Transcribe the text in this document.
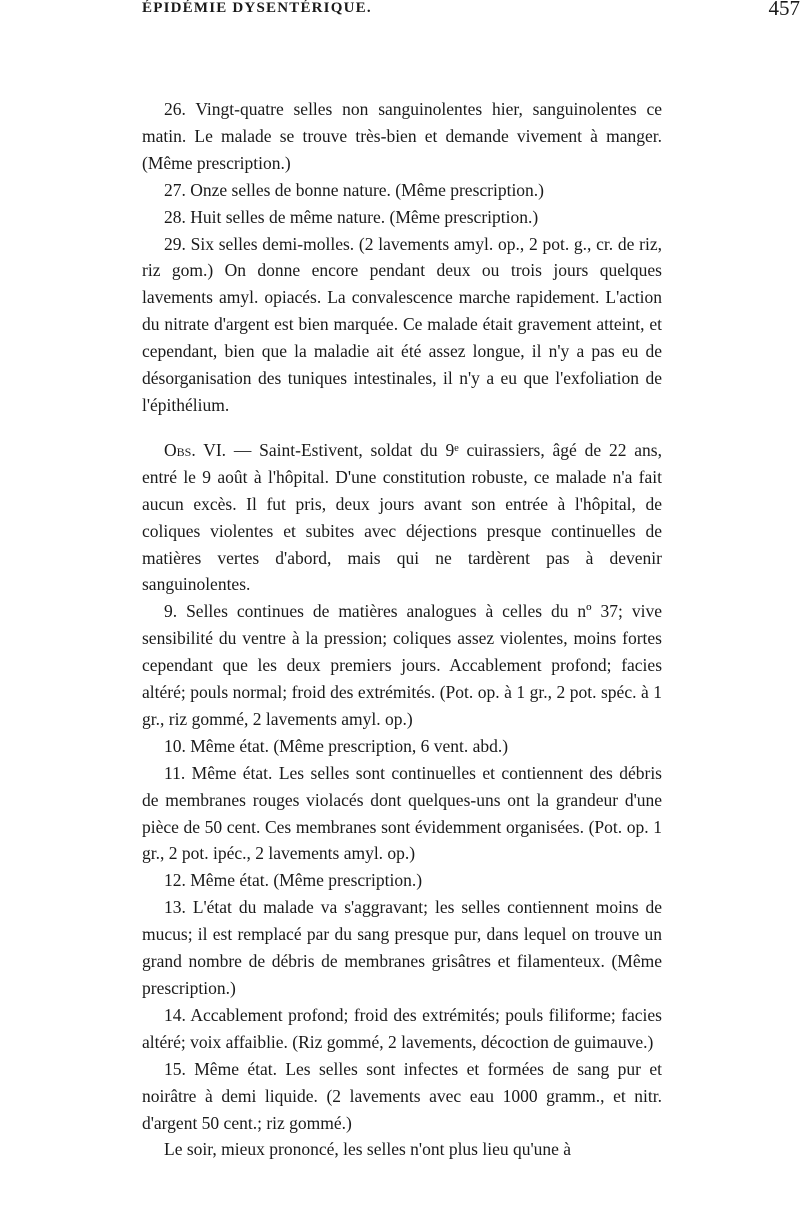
ÉPIDÉMIE DYSENTÉRIQUE.	457

26. Vingt-quatre selles non sanguinolentes hier, sanguinolentes ce matin. Le malade se trouve très-bien et demande vivement à manger. (Même prescription.)

27. Onze selles de bonne nature. (Même prescription.)

28. Huit selles de même nature. (Même prescription.)

29. Six selles demi-molles. (2 lavements amyl. op., 2 pot. g., cr. de riz, riz gom.) On donne encore pendant deux ou trois jours quelques lavements amyl. opiacés. La convalescence marche rapidement. L'action du nitrate d'argent est bien marquée. Ce malade était gravement atteint, et cependant, bien que la maladie ait été assez longue, il n'y a pas eu de désorganisation des tuniques intestinales, il n'y a eu que l'exfoliation de l'épithélium.

Obs. VI. — Saint-Estivent, soldat du 9ᵉ cuirassiers, âgé de 22 ans, entré le 9 août à l'hôpital. D'une constitution robuste, ce malade n'a fait aucun excès. Il fut pris, deux jours avant son entrée à l'hôpital, de coliques violentes et subites avec déjections presque continuelles de matières vertes d'abord, mais qui ne tardèrent pas à devenir sanguinolentes.

9. Selles continues de matières analogues à celles du nº 37; vive sensibilité du ventre à la pression; coliques assez violentes, moins fortes cependant que les deux premiers jours. Accablement profond; facies altéré; pouls normal; froid des extrémités. (Pot. op. à 1 gr., 2 pot. spéc. à 1 gr., riz gommé, 2 lavements amyl. op.)

10. Même état. (Même prescription, 6 vent. abd.)

11. Même état. Les selles sont continuelles et contiennent des débris de membranes rouges violacés dont quelques-uns ont la grandeur d'une pièce de 50 cent. Ces membranes sont évidemment organisées. (Pot. op. 1 gr., 2 pot. ipéc., 2 lavements amyl. op.)

12. Même état. (Même prescription.)

13. L'état du malade va s'aggravant; les selles contiennent moins de mucus; il est remplacé par du sang presque pur, dans lequel on trouve un grand nombre de débris de membranes grisâtres et filamenteux. (Même prescription.)

14. Accablement profond; froid des extrémités; pouls filiforme; facies altéré; voix affaiblie. (Riz gommé, 2 lavements, décoction de guimauve.)

15. Même état. Les selles sont infectes et formées de sang pur et noirâtre à demi liquide. (2 lavements avec eau 1000 gramm., et nitr. d'argent 50 cent.; riz gommé.)

Le soir, mieux prononcé, les selles n'ont plus lieu qu'une à
